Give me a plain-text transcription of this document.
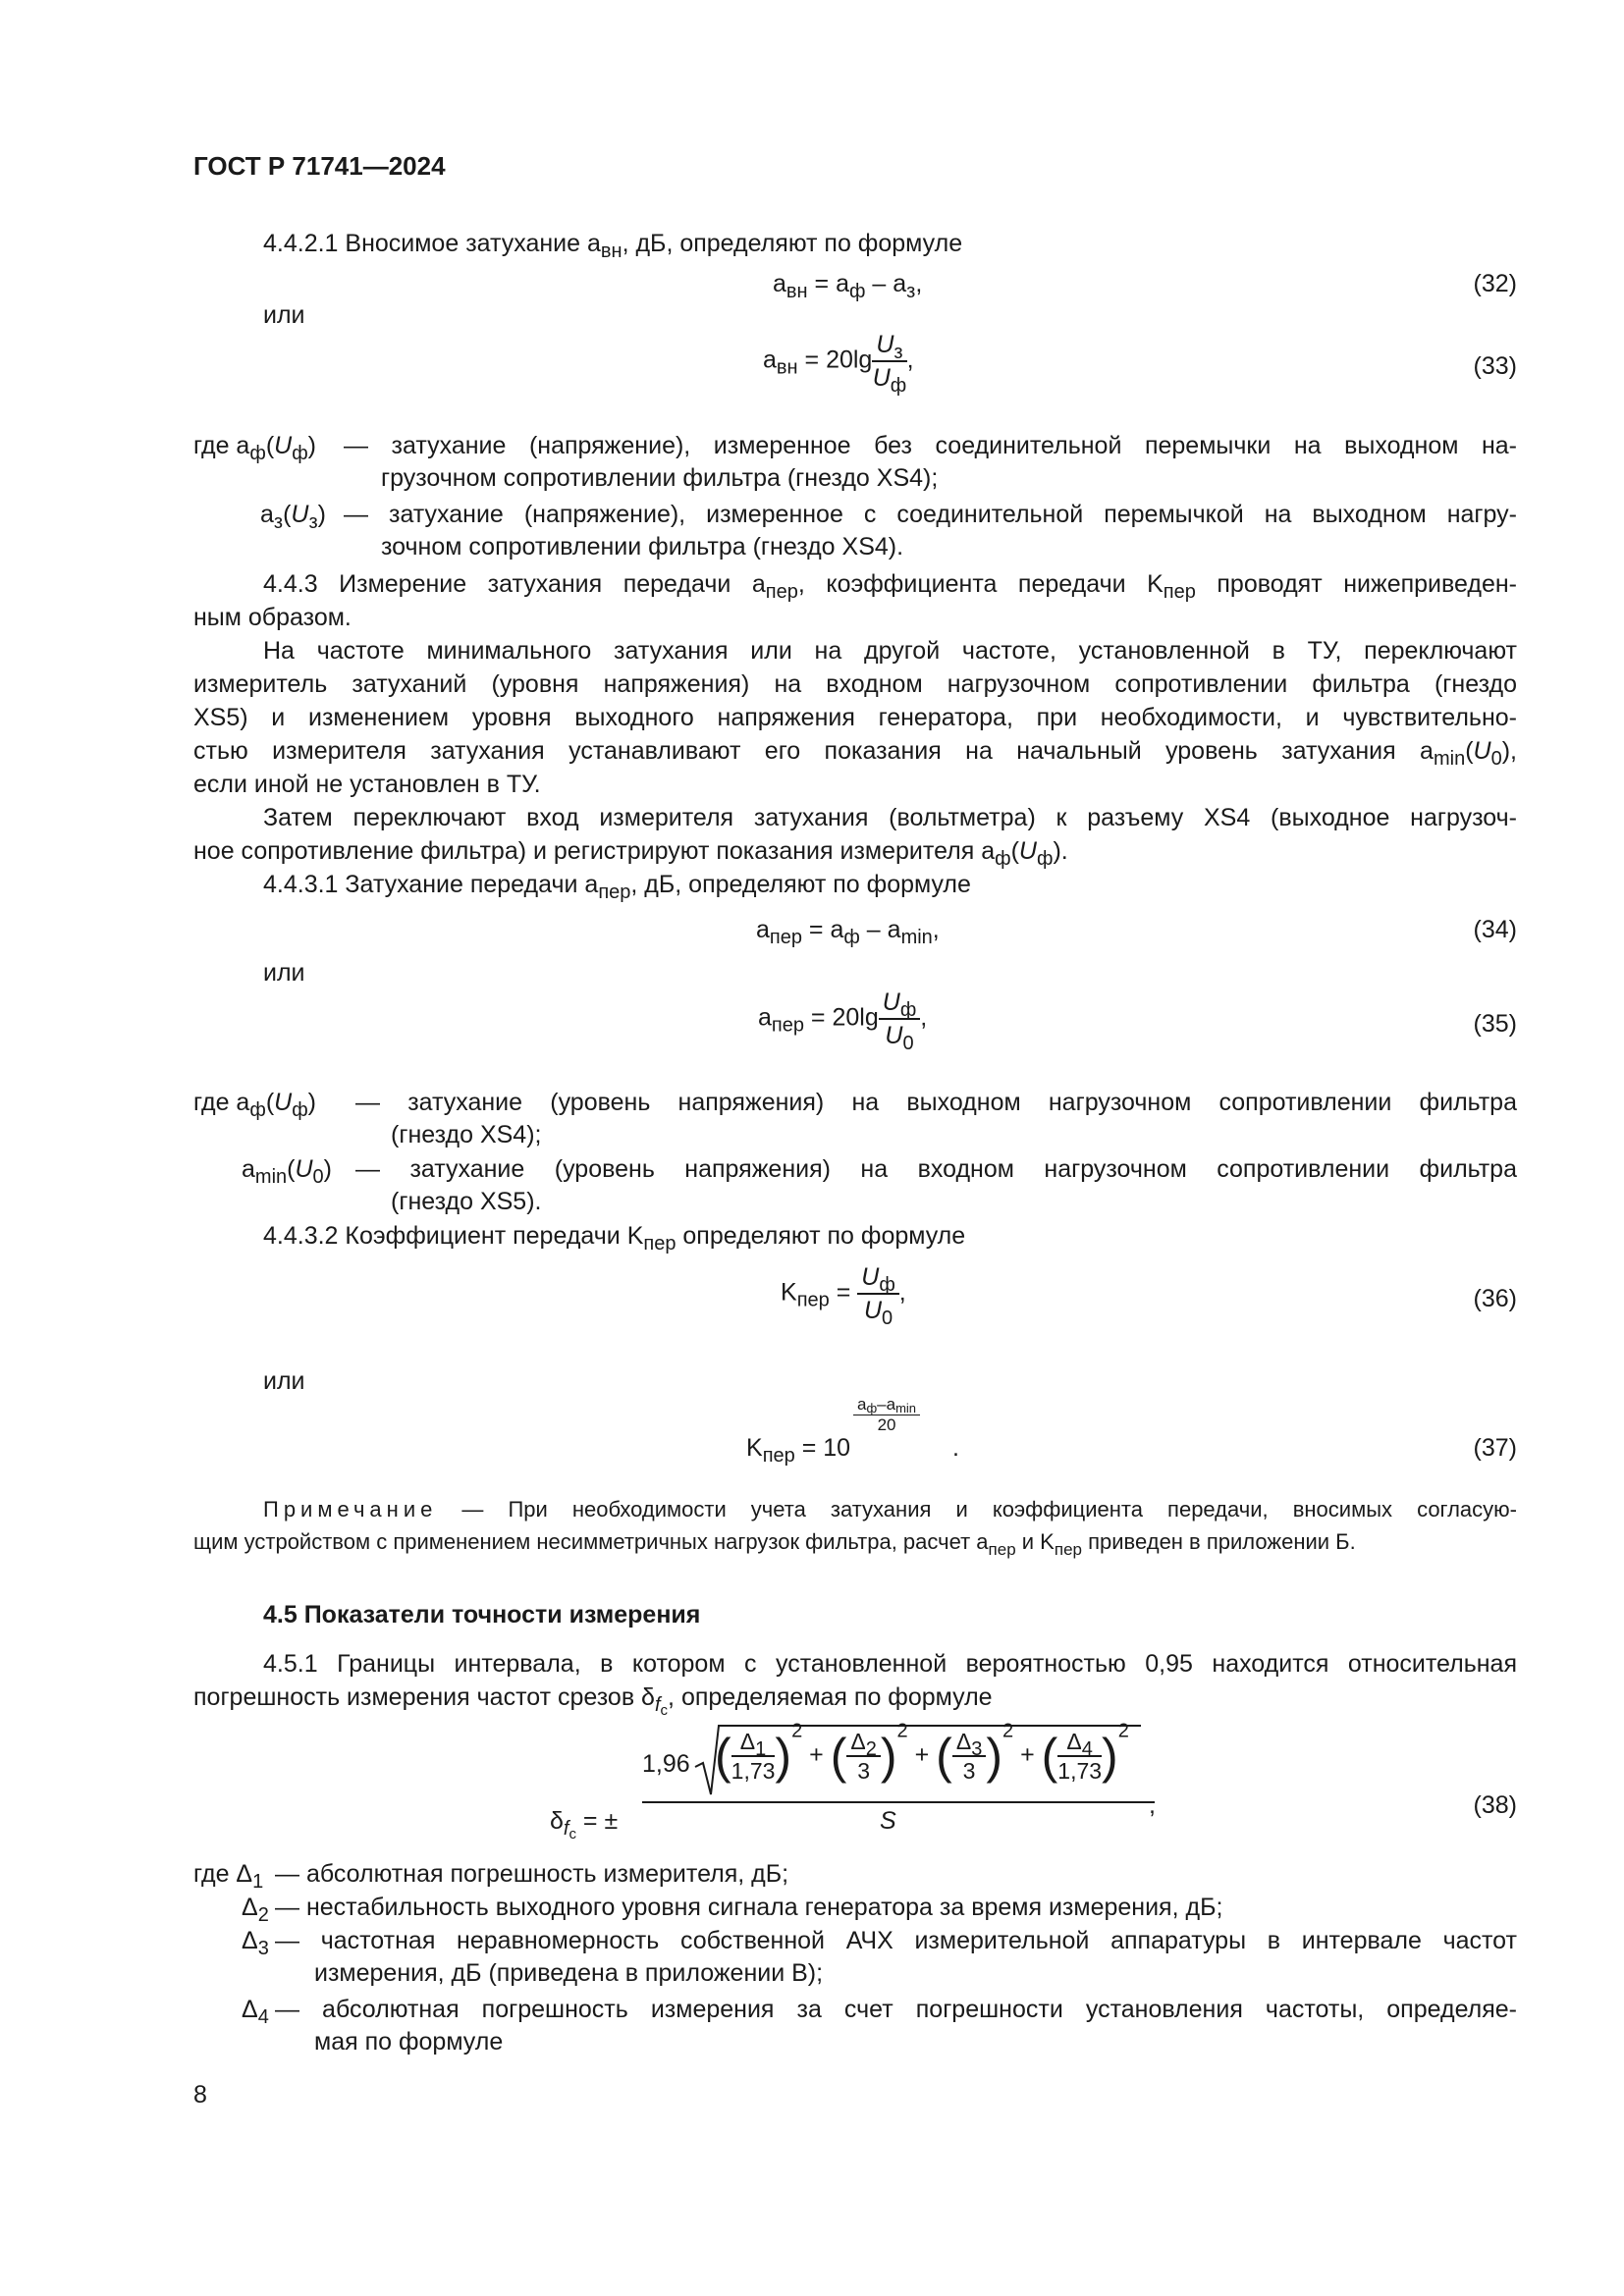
ГОСТ Р 71741—2024
4.4.2.1 Вносимое затухание $a_{вн}$, дБ, определяют по формуле
$a_{вн} = a_ф - a_з$,	(32)
или
$a_{вн} = 20\lg \frac{U_з}{U_ф}$ ,	(33)
где $a_ф(U_ф)$ — затухание (напряжение), измеренное без соединительной перемычки на выходном на-
грузочном сопротивлении фильтра (гнездо XS4);
$a_з(U_з)$ — затухание (напряжение), измеренное с соединительной перемычкой на выходном нагру-
зочном сопротивлении фильтра (гнездо XS4).
4.4.3 Измерение затухания передачи $a_{пер}$, коэффициента передачи $K_{пер}$ проводят нижеприведен-
ным образом.
На частоте минимального затухания или на другой частоте, установленной в ТУ, переключают
измеритель затуханий (уровня напряжения) на входном нагрузочном сопротивлении фильтра (гнездо
XS5) и изменением уровня выходного напряжения генератора, при необходимости, и чувствительно-
стью измерителя затухания устанавливают его показания на начальный уровень затухания $a_{min}(U_0)$,
если иной не установлен в ТУ.
Затем переключают вход измерителя затухания (вольтметра) к разъему XS4 (выходное нагрузоч-
ное сопротивление фильтра) и регистрируют показания измерителя $a_ф(U_ф)$.
4.4.3.1 Затухание передачи $a_{пер}$, дБ, определяют по формуле
$a_{пер} = a_ф - a_{min}$,	(34)
или
$a_{пер} = 20\lg \frac{U_ф}{U_0}$ ,	(35)
где $a_ф(U_ф)$ — затухание (уровень напряжения) на выходном нагрузочном сопротивлении фильтра
(гнездо XS4);
$a_{min}(U_0)$ — затухание (уровень напряжения) на входном нагрузочном сопротивлении фильтра
(гнездо XS5).
4.4.3.2 Коэффициент передачи $K_{пер}$ определяют по формуле
$K_{пер} = \frac{U_ф}{U_0}$ ,	(36)
или
$K_{пер} = 10$
$\frac{a_ф-a_{min}}{20}$
.	(37)
Примечание — При необходимости учета затухания и коэффициента передачи, вносимых согласую-
щим устройством с применением несимметричных нагрузок фильтра, расчет $a_{пер}$ и $K_{пер}$ приведен в приложении Б.
4.5 Показатели точности измерения
4.5.1 Границы интервала, в котором с установленной вероятностью 0,95 находится относительная
погрешность измерения частот срезов $\delta_{f_c}$, определяемая по формуле
$\delta_{f_c}$ = ±
1,96 ( $\frac{\Delta_1}{1,73} )^2$ + ( $\frac{\Delta_2}{3} )^2$ + ( $\frac{\Delta_3}{3} )^2$ + ( $\frac{\Delta_4}{1,73} )^2$
S
,	(38)
где $\Delta_1$ — абсолютная погрешность измерителя, дБ;
$\Delta_2$ — нестабильность выходного уровня сигнала генератора за время измерения, дБ;
$\Delta_3$ — частотная неравномерность собственной АЧХ измерительной аппаратуры в интервале частот
измерения, дБ (приведена в приложении В);
$\Delta_4$ — абсолютная погрешность измерения за счет погрешности установления частоты, определяе-
мая по формуле
8
